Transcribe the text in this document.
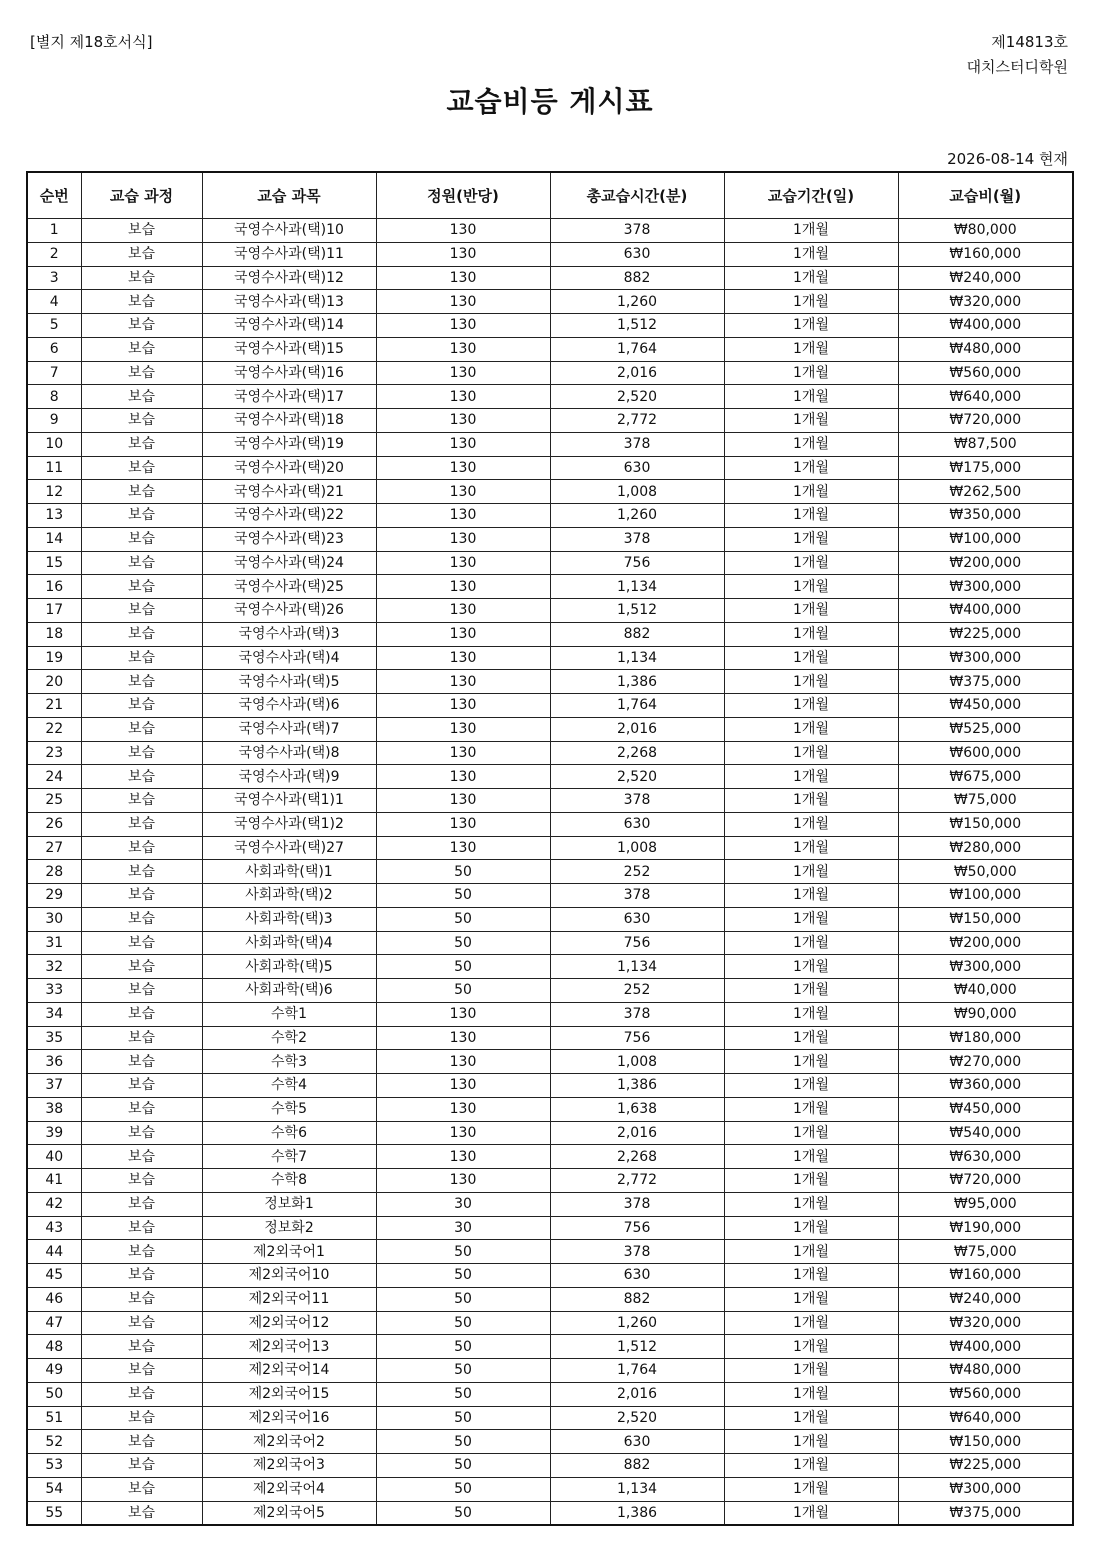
[별지 제18호서식]	제14813호
대치스터디학원
교습비등 게시표
2026-08-14 현재
순번	교습 과정	교습 과목	정원(반당)	총교습시간(분)	교습기간(일)	교습비(월)
1	보습	국영수사과(택)10	130	378	1개월	₩80,000
2	보습	국영수사과(택)11	130	630	1개월	₩160,000
3	보습	국영수사과(택)12	130	882	1개월	₩240,000
4	보습	국영수사과(택)13	130	1,260	1개월	₩320,000
5	보습	국영수사과(택)14	130	1,512	1개월	₩400,000
6	보습	국영수사과(택)15	130	1,764	1개월	₩480,000
7	보습	국영수사과(택)16	130	2,016	1개월	₩560,000
8	보습	국영수사과(택)17	130	2,520	1개월	₩640,000
9	보습	국영수사과(택)18	130	2,772	1개월	₩720,000
10	보습	국영수사과(택)19	130	378	1개월	₩87,500
11	보습	국영수사과(택)20	130	630	1개월	₩175,000
12	보습	국영수사과(택)21	130	1,008	1개월	₩262,500
13	보습	국영수사과(택)22	130	1,260	1개월	₩350,000
14	보습	국영수사과(택)23	130	378	1개월	₩100,000
15	보습	국영수사과(택)24	130	756	1개월	₩200,000
16	보습	국영수사과(택)25	130	1,134	1개월	₩300,000
17	보습	국영수사과(택)26	130	1,512	1개월	₩400,000
18	보습	국영수사과(택)3	130	882	1개월	₩225,000
19	보습	국영수사과(택)4	130	1,134	1개월	₩300,000
20	보습	국영수사과(택)5	130	1,386	1개월	₩375,000
21	보습	국영수사과(택)6	130	1,764	1개월	₩450,000
22	보습	국영수사과(택)7	130	2,016	1개월	₩525,000
23	보습	국영수사과(택)8	130	2,268	1개월	₩600,000
24	보습	국영수사과(택)9	130	2,520	1개월	₩675,000
25	보습	국영수사과(택1)1	130	378	1개월	₩75,000
26	보습	국영수사과(택1)2	130	630	1개월	₩150,000
27	보습	국영수사과(택)27	130	1,008	1개월	₩280,000
28	보습	사회과학(택)1	50	252	1개월	₩50,000
29	보습	사회과학(택)2	50	378	1개월	₩100,000
30	보습	사회과학(택)3	50	630	1개월	₩150,000
31	보습	사회과학(택)4	50	756	1개월	₩200,000
32	보습	사회과학(택)5	50	1,134	1개월	₩300,000
33	보습	사회과학(택)6	50	252	1개월	₩40,000
34	보습	수학1	130	378	1개월	₩90,000
35	보습	수학2	130	756	1개월	₩180,000
36	보습	수학3	130	1,008	1개월	₩270,000
37	보습	수학4	130	1,386	1개월	₩360,000
38	보습	수학5	130	1,638	1개월	₩450,000
39	보습	수학6	130	2,016	1개월	₩540,000
40	보습	수학7	130	2,268	1개월	₩630,000
41	보습	수학8	130	2,772	1개월	₩720,000
42	보습	정보화1	30	378	1개월	₩95,000
43	보습	정보화2	30	756	1개월	₩190,000
44	보습	제2외국어1	50	378	1개월	₩75,000
45	보습	제2외국어10	50	630	1개월	₩160,000
46	보습	제2외국어11	50	882	1개월	₩240,000
47	보습	제2외국어12	50	1,260	1개월	₩320,000
48	보습	제2외국어13	50	1,512	1개월	₩400,000
49	보습	제2외국어14	50	1,764	1개월	₩480,000
50	보습	제2외국어15	50	2,016	1개월	₩560,000
51	보습	제2외국어16	50	2,520	1개월	₩640,000
52	보습	제2외국어2	50	630	1개월	₩150,000
53	보습	제2외국어3	50	882	1개월	₩225,000
54	보습	제2외국어4	50	1,134	1개월	₩300,000
55	보습	제2외국어5	50	1,386	1개월	₩375,000
